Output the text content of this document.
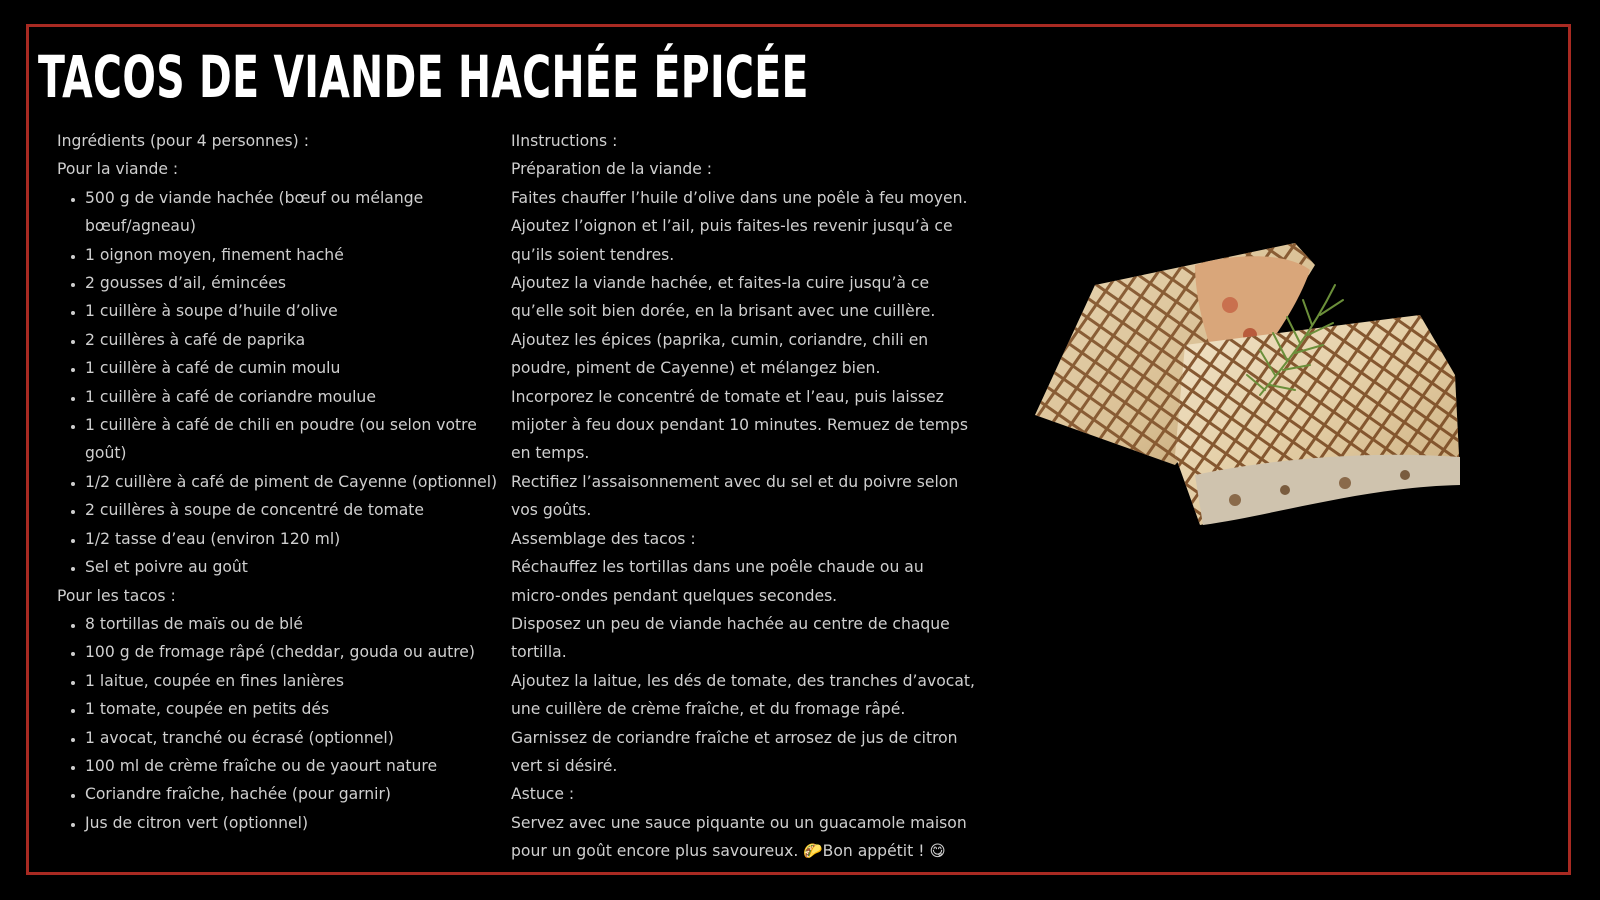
TACOS DE VIANDE HACHÉE ÉPICÉE

Ingrédients (pour 4 personnes) :

Pour la viande :

• 500 g de viande hachée (bœuf ou mélange bœuf/agneau)
• 1 oignon moyen, finement haché
• 2 gousses d’ail, émincées
• 1 cuillère à soupe d’huile d’olive
• 2 cuillères à café de paprika
• 1 cuillère à café de cumin moulu
• 1 cuillère à café de coriandre moulue
• 1 cuillère à café de chili en poudre (ou selon votre goût)
• 1/2 cuillère à café de piment de Cayenne (optionnel)
• 2 cuillères à soupe de concentré de tomate
• 1/2 tasse d’eau (environ 120 ml)
• Sel et poivre au goût

Pour les tacos :

• 8 tortillas de maïs ou de blé
• 100 g de fromage râpé (cheddar, gouda ou autre)
• 1 laitue, coupée en fines lanières
• 1 tomate, coupée en petits dés
• 1 avocat, tranché ou écrasé (optionnel)
• 100 ml de crème fraîche ou de yaourt nature
• Coriandre fraîche, hachée (pour garnir)
• Jus de citron vert (optionnel)

IInstructions :

Préparation de la viande :

Faites chauffer l’huile d’olive dans une poêle à feu moyen.

Ajoutez l’oignon et l’ail, puis faites-les revenir jusqu’à ce

qu’ils soient tendres.

Ajoutez la viande hachée, et faites-la cuire jusqu’à ce

qu’elle soit bien dorée, en la brisant avec une cuillère.

Ajoutez les épices (paprika, cumin, coriandre, chili en

poudre, piment de Cayenne) et mélangez bien.

Incorporez le concentré de tomate et l’eau, puis laissez

mijoter à feu doux pendant 10 minutes. Remuez de temps

en temps.

Rectifiez l’assaisonnement avec du sel et du poivre selon

vos goûts.

Assemblage des tacos :

Réchauffez les tortillas dans une poêle chaude ou au

micro-ondes pendant quelques secondes.

Disposez un peu de viande hachée au centre de chaque

tortilla.

Ajoutez la laitue, les dés de tomate, des tranches d’avocat,

une cuillère de crème fraîche, et du fromage râpé.

Garnissez de coriandre fraîche et arrosez de jus de citron

vert si désiré.

Astuce :

Servez avec une sauce piquante ou un guacamole maison

pour un goût encore plus savoureux. 🌮Bon appétit ! 😋
